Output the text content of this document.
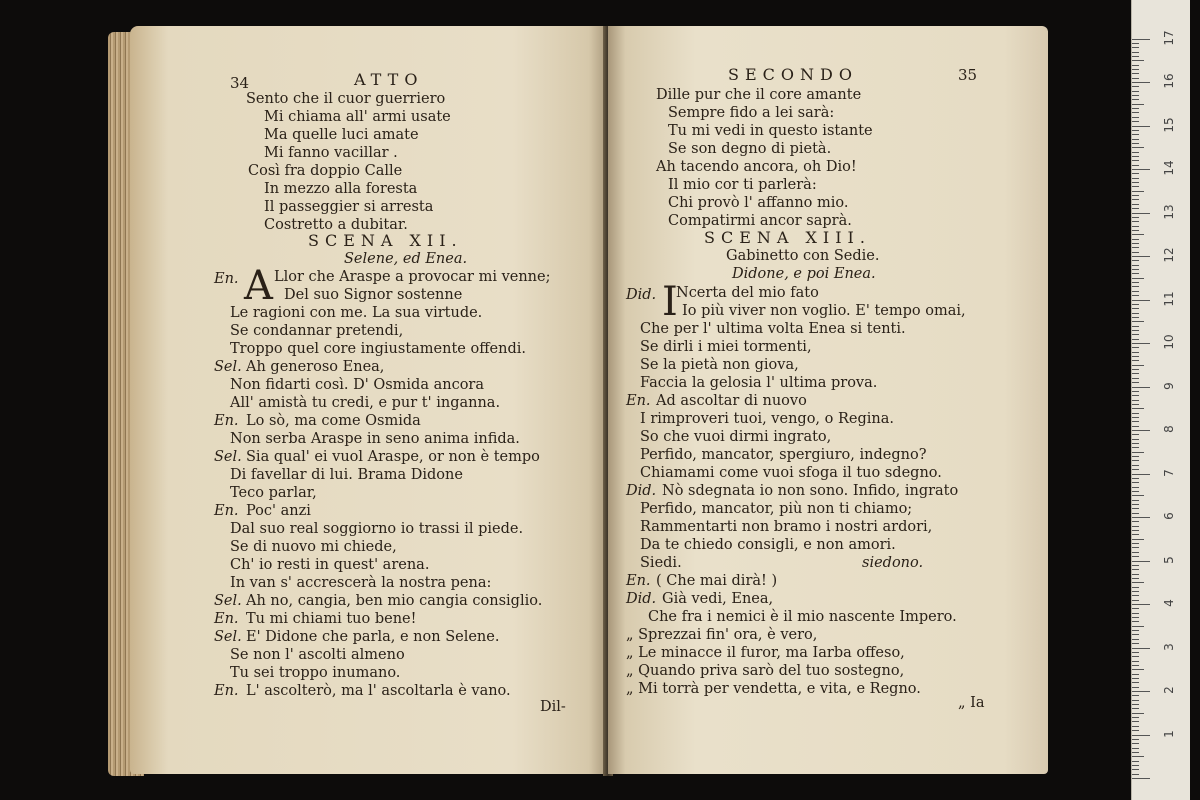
34	ATTO
Sento che il cuor guerriero
Mi chiama all' armi usate
Ma quelle luci amate
Mi fanno vacillar .
Così fra doppio Calle
In mezzo alla foresta
Il passeggier si arresta
Costretto a dubitar.
SCENA XII.
Selene, ed Enea.
En. A Llor che Araspe a provocar mi venne;
Del suo Signor sostenne
Le ragioni con me. La sua virtude.
Se condannar pretendi,
Troppo quel core ingiustamente offendi.
Sel. Ah generoso Enea,
Non fidarti così. D' Osmida ancora
All' amistà tu credi, e pur t' inganna.
En. Lo sò, ma come Osmida
Non serba Araspe in seno anima infida.
Sel. Sia qual' ei vuol Araspe, or non è tempo
Di favellar di lui. Brama Didone
Teco parlar,
En. Poc' anzi
Dal suo real soggiorno io trassi il piede.
Se di nuovo mi chiede,
Ch' io resti in quest' arena.
In van s' accrescerà la nostra pena:
Sel. Ah no, cangia, ben mio cangia consiglio.
En. Tu mi chiami tuo bene!
Sel. E' Didone che parla, e non Selene.
Se non l' ascolti almeno
Tu sei troppo inumano.
En. L' ascolterò, ma l' ascoltarla è vano.
Dil-
SECONDO	35
Dille pur che il core amante
Sempre fido a lei sarà:
Tu mi vedi in questo istante
Se son degno di pietà.
Ah tacendo ancora, oh Dio!
Il mio cor ti parlerà:
Chi provò l' affanno mio.
Compatirmi ancor saprà.
SCENA XIII.
Gabinetto con Sedie.
Didone, e poi Enea.
Did. I
Ncerta del mio fato
Io più viver non voglio. E' tempo omai,
Che per l' ultima volta Enea si tenti.
Se dirli i miei tormenti,
Se la pietà non giova,
Faccia la gelosia l' ultima prova.
En. Ad ascoltar di nuovo
I rimproveri tuoi, vengo, o Regina.
So che vuoi dirmi ingrato,
Perfido, mancator, spergiuro, indegno?
Chiamami come vuoi sfoga il tuo sdegno.
Did. Nò sdegnata io non sono. Infido, ingrato
Perfido, mancator, più non ti chiamo;
Rammentarti non bramo i nostri ardori,
Da te chiedo consigli, e non amori.
Siedi.	siedono.
En. ( Che mai dirà! )
Did. Già vedi, Enea,
Che fra i nemici è il mio nascente Impero.
„ Sprezzai fin' ora, è vero,
„ Le minacce il furor, ma Iarba offeso,
„ Quando priva sarò del tuo sostegno,
„ Mi torrà per vendetta, e vita, e Regno.
„ Ia
1
2
3
4
5
6
7
8
9
10
11
12
13
14
15
16
17
